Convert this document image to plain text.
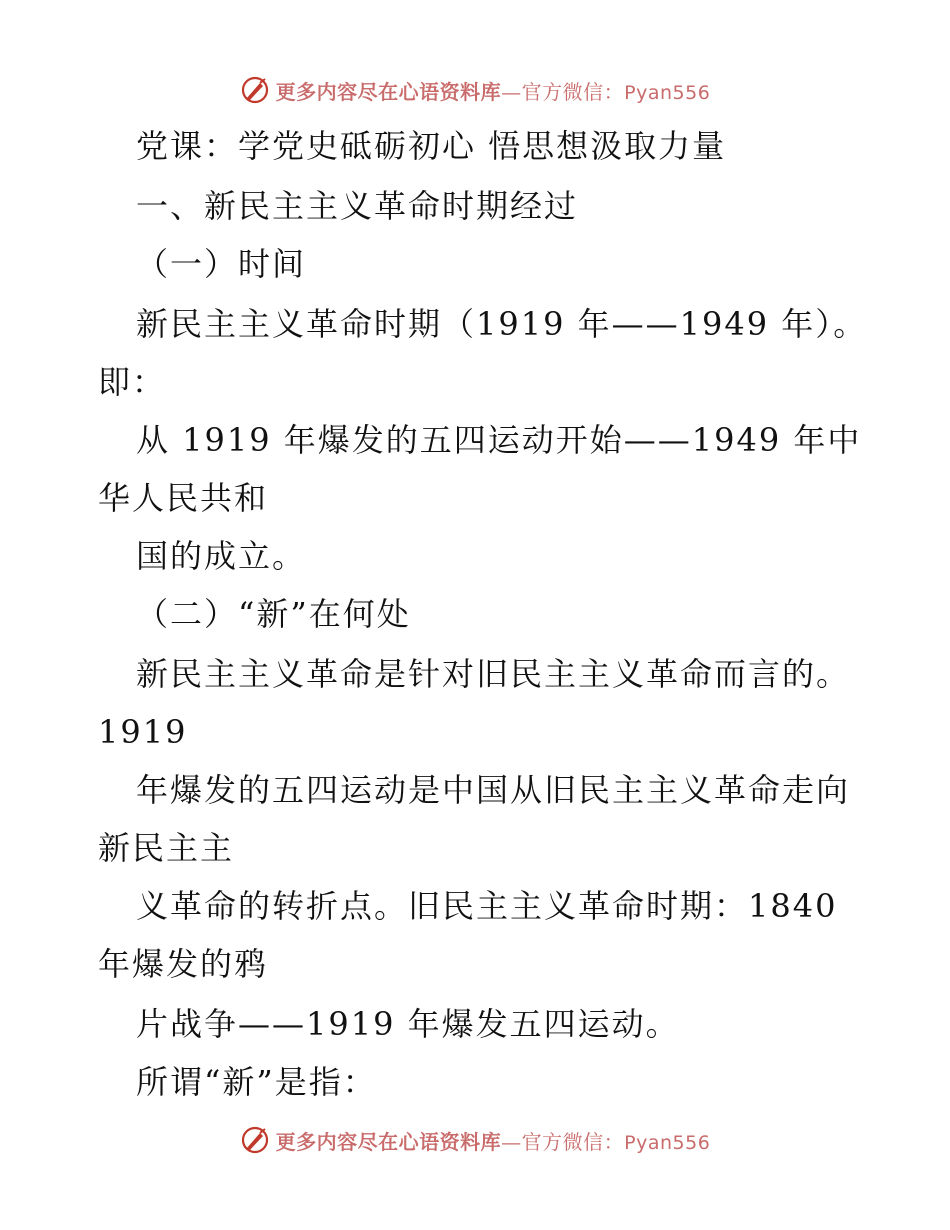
更多内容尽在心语资料库—官方微信：Pyan556
党课：学党史砥砺初心 悟思想汲取力量
一、新民主主义革命时期经过
（一）时间
新民主主义革命时期（1919 年——1949 年）。
即：
从 1919 年爆发的五四运动开始——1949 年中
华人民共和
国的成立。
（二）“新”在何处
新民主主义革命是针对旧民主主义革命而言的。
1919
年爆发的五四运动是中国从旧民主主义革命走向
新民主主
义革命的转折点。旧民主主义革命时期：1840
年爆发的鸦
片战争——1919 年爆发五四运动。
所谓“新”是指：
更多内容尽在心语资料库—官方微信：Pyan556
